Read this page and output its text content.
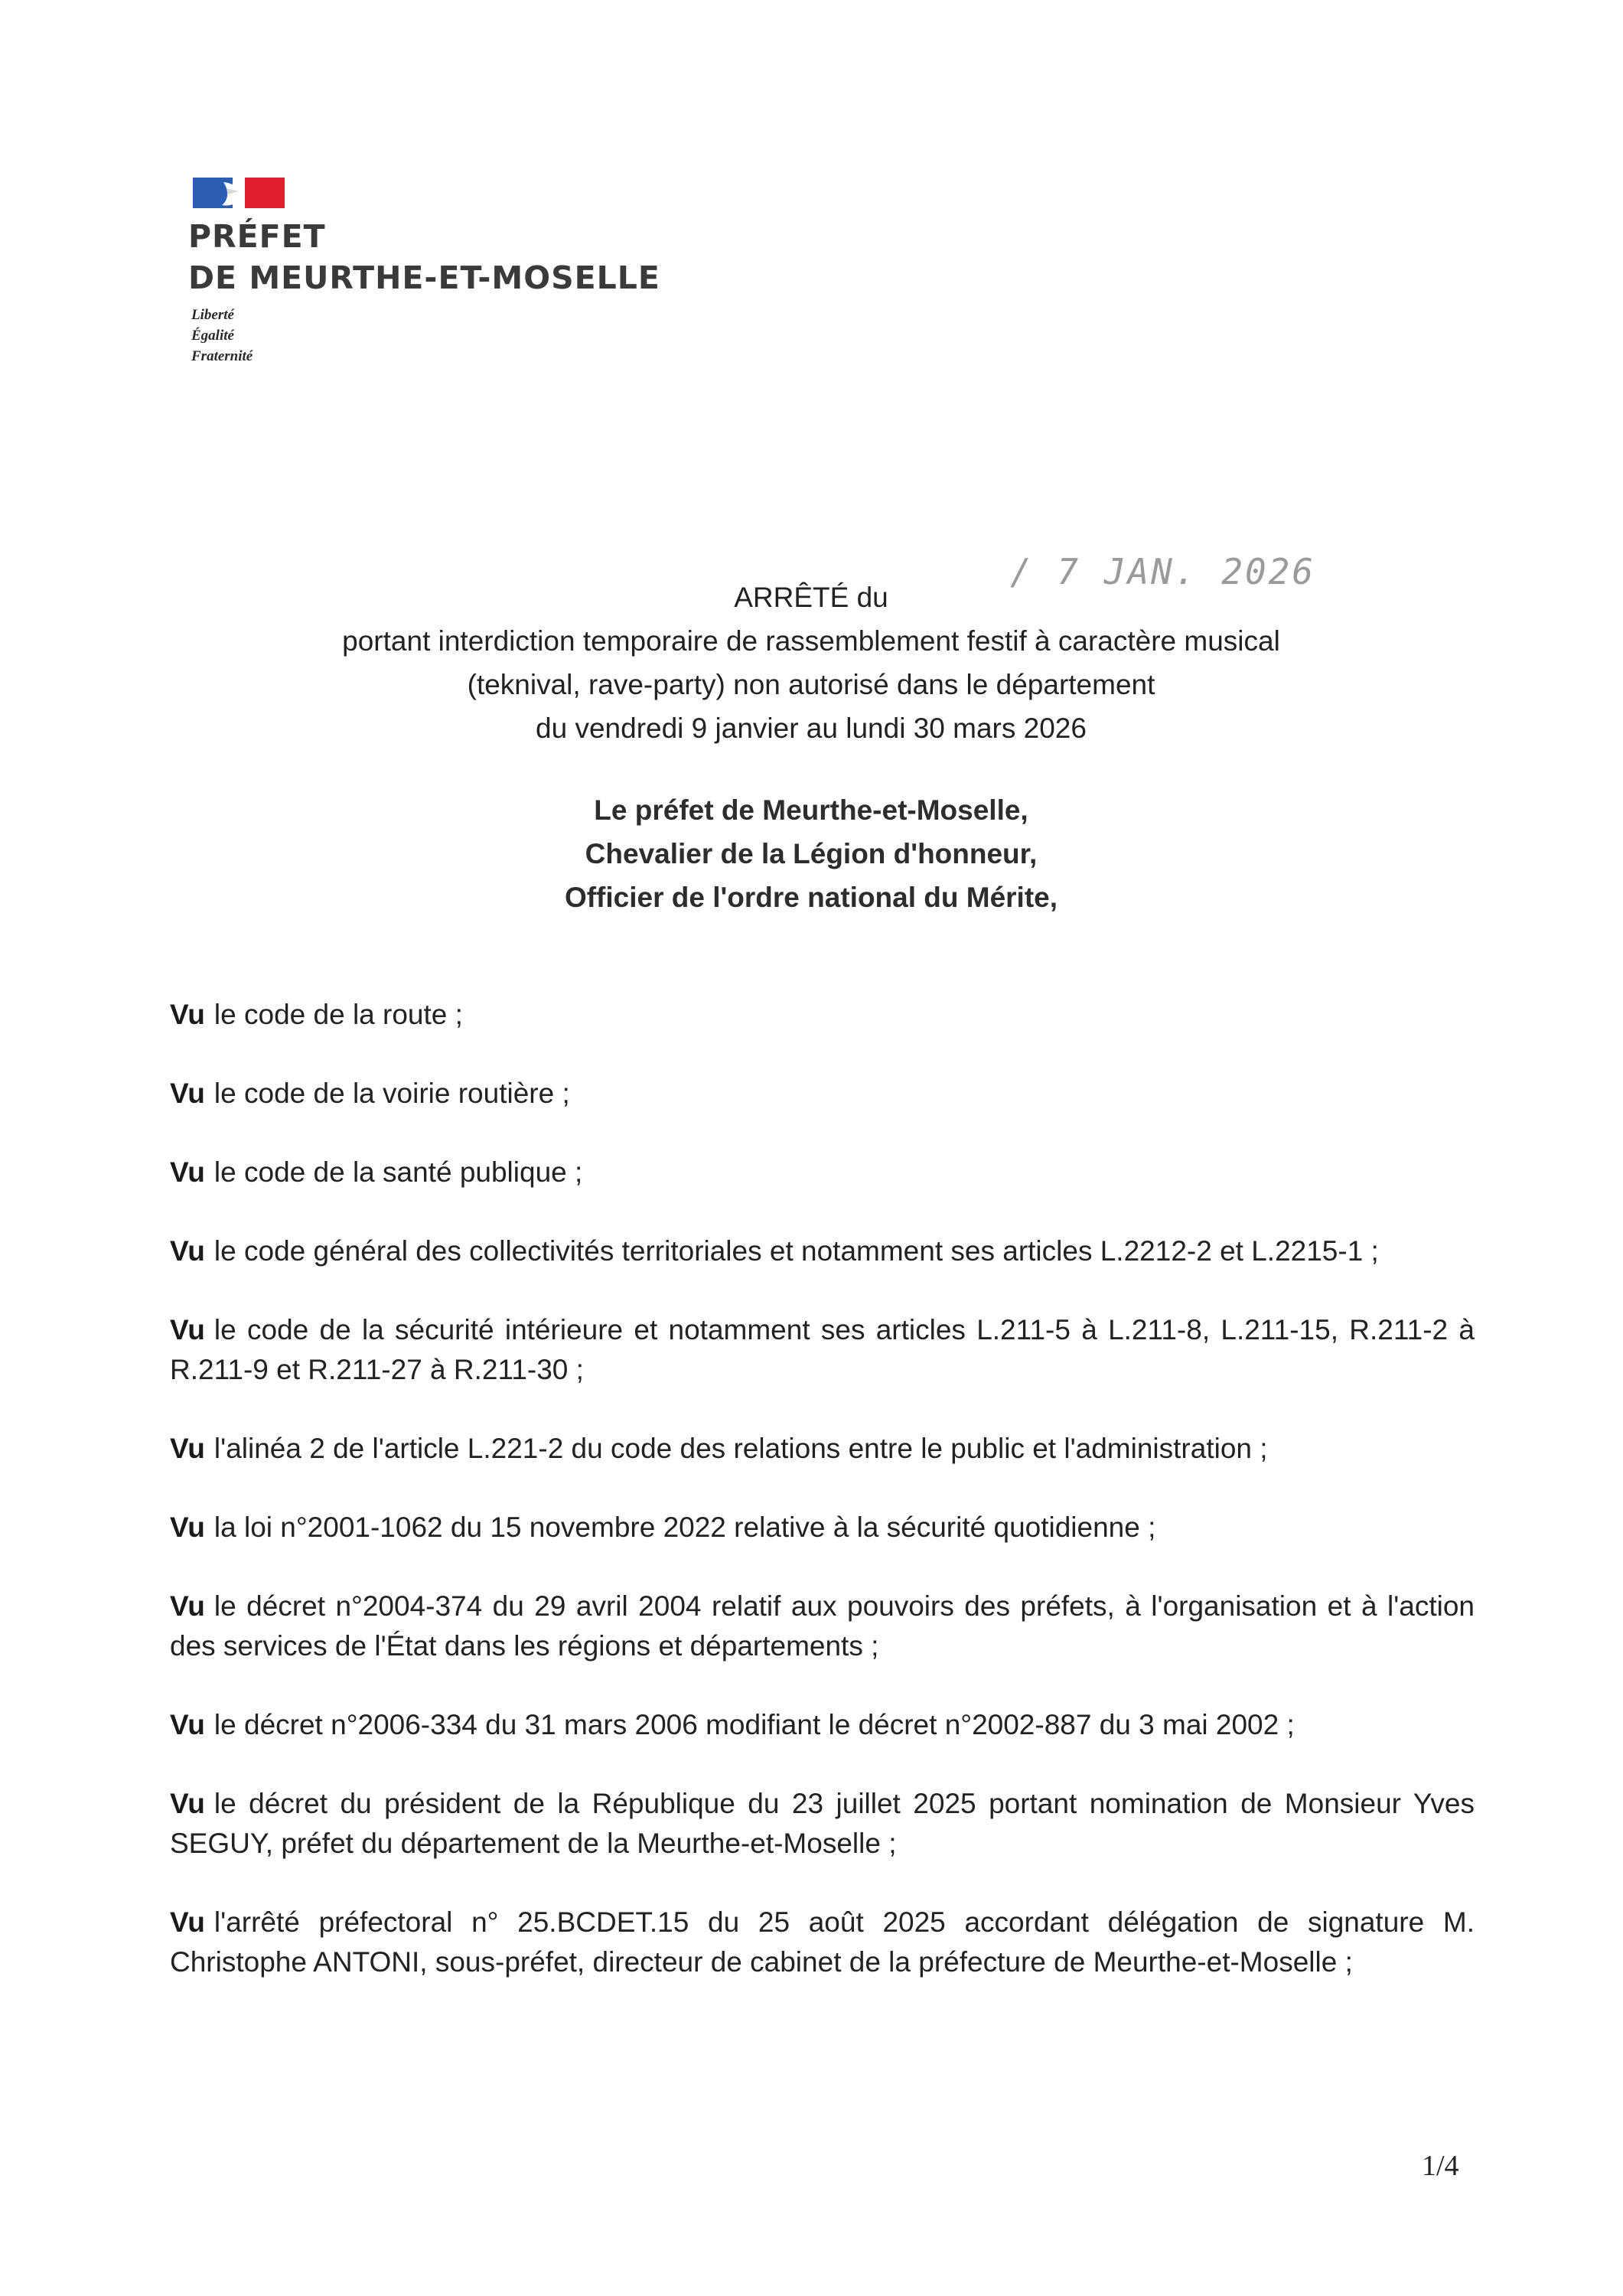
PRÉFET
DE MEURTHE-ET-MOSELLE
Liberté
Égalité
Fraternité
/ 7 JAN. 2026
ARRÊTÉ du
portant interdiction temporaire de rassemblement festif à caractère musical
(teknival, rave-party) non autorisé dans le département
du vendredi 9 janvier au lundi 30 mars 2026
Le préfet de Meurthe-et-Moselle,
Chevalier de la Légion d'honneur,
Officier de l'ordre national du Mérite,

Vu le code de la route ;

Vu le code de la voirie routière ;

Vu le code de la santé publique ;

Vu le code général des collectivités territoriales et notamment ses articles L.2212-2 et L.2215-1 ;

Vu le code de la sécurité intérieure et notamment ses articles L.211-5 à L.211-8, L.211-15, R.211-2 à R.211-9 et R.211-27 à R.211-30 ;

Vu l'alinéa 2 de l'article L.221-2 du code des relations entre le public et l'administration ;

Vu la loi n°2001-1062 du 15 novembre 2022 relative à la sécurité quotidienne ;

Vu le décret n°2004-374 du 29 avril 2004 relatif aux pouvoirs des préfets, à l'organisation et à l'action des services de l'État dans les régions et départements ;

Vu le décret n°2006-334 du 31 mars 2006 modifiant le décret n°2002-887 du 3 mai 2002 ;

Vu le décret du président de la République du 23 juillet 2025 portant nomination de Monsieur Yves SEGUY, préfet du département de la Meurthe-et-Moselle ;

Vu l'arrêté préfectoral n° 25.BCDET.15 du 25 août 2025 accordant délégation de signature M. Christophe ANTONI, sous-préfet, directeur de cabinet de la préfecture de Meurthe-et-Moselle ;

1/4
